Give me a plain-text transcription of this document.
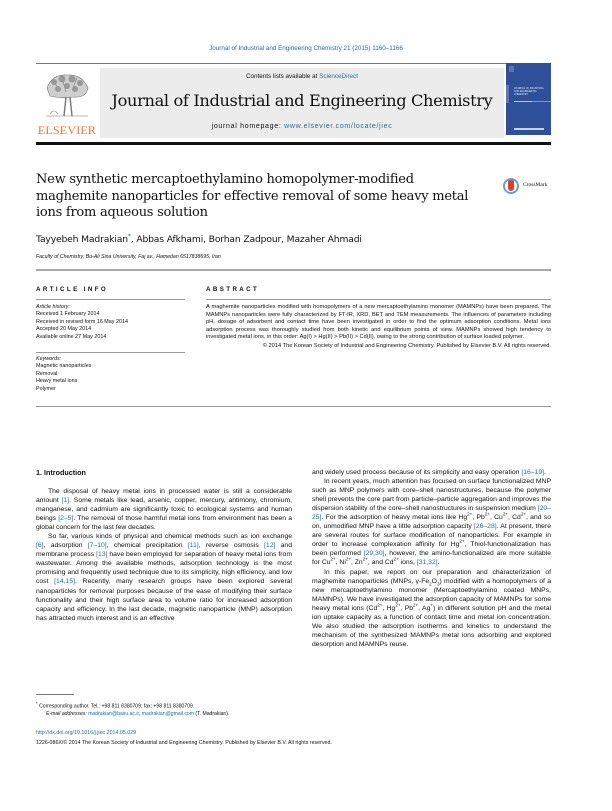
Journal of Industrial and Engineering Chemistry 21 (2015) 1160–1166
ELSEVIER
Contents lists available at ScienceDirect
Journal of Industrial and Engineering Chemistry
journal homepage: www.elsevier.com/locate/jiec
JOURNAL OF INDUSTRIAL AND ENGINEERING CHEMISTRY
New synthetic mercaptoethylamino homopolymer-modified maghemite nanoparticles for effective removal of some heavy metal ions from aqueous solution
CrossMark
Tayyebeh Madrakian*, Abbas Afkhami, Borhan Zadpour, Mazaher Ahmadi
Faculty of Chemistry, Bu-Ali Sina University, Faj av., Hamedan 6517838695, Iran
ARTICLE INFO
Article history:
Received 1 February 2014
Received in revised form 16 May 2014
Accepted 20 May 2014
Available online 27 May 2014
Keywords:
Magnetic nanoparticles
Removal
Heavy metal ions
Polymer
ABSTRACT
A maghemite nanoparticles modified with homopolymers of a new mercaptoethylamino monomer (MAMNPs) have been prepared. The MAMNPs nanoparticles were fully characterized by FT-IR, XRD, BET and TEM measurements. The influences of parameters including pH, dosage of adsorbent and contact time have been investigated in order to find the optimum adsorption conditions. Metal ions adsorption process was thoroughly studied from both kinetic and equilibrium points of view. MAMNPs showed high tendency to investigated metal ions, in this order: Ag(I) > Hg(II) > Pb(II) > Cd(II), owing to the strong contribution of surface loaded polymer.
© 2014 The Korean Society of Industrial and Engineering Chemistry. Published by Elsevier B.V. All rights reserved.
1. Introduction

The disposal of heavy metal ions in processed water is still a considerable amount [1]. Some metals like lead, arsenic, copper, mercury, antimony, chromium, manganese, and cadmium are significantly toxic to ecological systems and human beings [2–5]. The removal of those harmful metal ions from environment has been a global concern for the last few decades.

So far, various kinds of physical and chemical methods such as ion exchange [6], adsorption [7–10], chemical precipitation [11], reverse osmosis [12] and membrane process [13] have been employed for separation of heavy metal ions from wastewater. Among the available methods, adsorption technology is the most promising and frequently used technique due to its simplicity, high efficiency, and low cost [14,15]. Recently, many research groups have been explored several nanoparticles for removal purposes because of the ease of modifying their surface functionality and their high surface area to volume ratio for increased adsorption capacity and efficiency. In the last decade, magnetic nanoparticle (MNP) adsorption has attracted much interest and is an effective

and widely used process because of its simplicity and easy operation [16–19].

In recent years, much attention has focused on surface functionalized MNP such as MNP polymers with core–shell nanostructures, because the polymer shell prevents the core part from particle–particle aggregation and improves the dispersion stability of the core–shell nanostructures in suspension medium [20–25]. For the adsorption of heavy metal ions like $Hg^{2+}$, $Pb^{2+}$, $Cu^{2+}$, $Cd^{2+}$, and so on, unmodified MNP have a little adsorption capacity [26–28]. At present, there are several routes for surface modification of nanoparticles. For example in order to increase complexation affinity for $Hg^{2+}$, Thiol-functionalization has been performed [29,30], however, the amino-functionalized are more suitable for $Cu^{2+}$, $Ni^{2+}$, $Zn^{2+}$, and $Cd^{2+}$ ions, [31,32].

In this paper, we report on our preparation and characterization of maghemite nanoparticles (MNPs, $\gamma-Fe_2O_3$) modified with a homopolymers of a new mercaptoethylamino monomer (Mercaptoethylamino coated MNPs, MAMNPs). We have investigated the adsorption capacity of MAMNPs for some heavy metal ions ($Cd^{2+}$, $Hg^{2+}$, $Pb^{2+}$, Ag+) in different solution pH and the metal ion uptake capacity as a function of contact time and metal ion concentration. We also studied the adsorption isotherms and kinetics to understand the mechanism of the synthesized MAMNPs metal ions adsorbing and explored desorption and MAMNPs reuse.

* Corresponding author. Tel.: +98 811 8380709; fax: +98 811 8380709.
E-mail addresses: madrakian@basu.ac.ir, madrakian@gmail.com (T. Madrakian).
http://dx.doi.org/10.1016/j.jiec.2014.05.029
1226-086X/© 2014 The Korean Society of Industrial and Engineering Chemistry. Published by Elsevier B.V. All rights reserved.
